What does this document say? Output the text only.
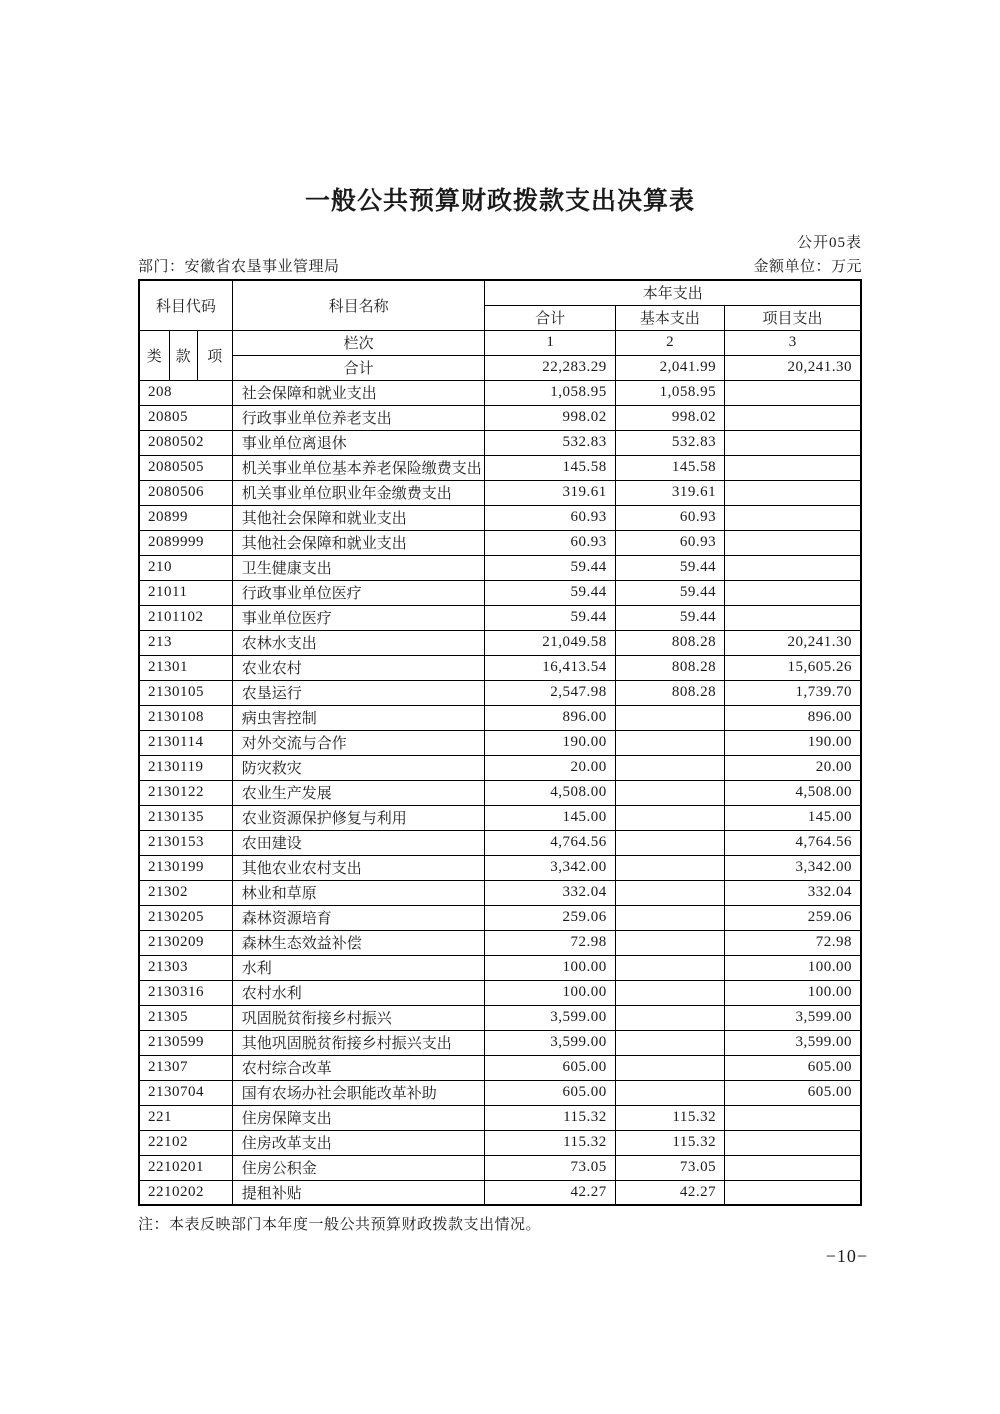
一般公共预算财政拨款支出决算表
公开05表
部门：安徽省农垦事业管理局	金额单位：万元
科目代码			科目名称	本年支出		
				合计	基本支出	项目支出
类	款	项	栏次	1	2	3
			合计	22,283.29	2,041.99	20,241.30
208			社会保障和就业支出	1,058.95	1,058.95	
20805			行政事业单位养老支出	998.02	998.02	
2080502			事业单位离退休	532.83	532.83	
2080505			机关事业单位基本养老保险缴费支出	145.58	145.58	
2080506			机关事业单位职业年金缴费支出	319.61	319.61	
20899			其他社会保障和就业支出	60.93	60.93	
2089999			其他社会保障和就业支出	60.93	60.93	
210			卫生健康支出	59.44	59.44	
21011			行政事业单位医疗	59.44	59.44	
2101102			事业单位医疗	59.44	59.44	
213			农林水支出	21,049.58	808.28	20,241.30
21301			农业农村	16,413.54	808.28	15,605.26
2130105			农垦运行	2,547.98	808.28	1,739.70
2130108			病虫害控制	896.00		896.00
2130114			对外交流与合作	190.00		190.00
2130119			防灾救灾	20.00		20.00
2130122			农业生产发展	4,508.00		4,508.00
2130135			农业资源保护修复与利用	145.00		145.00
2130153			农田建设	4,764.56		4,764.56
2130199			其他农业农村支出	3,342.00		3,342.00
21302			林业和草原	332.04		332.04
2130205			森林资源培育	259.06		259.06
2130209			森林生态效益补偿	72.98		72.98
21303			水利	100.00		100.00
2130316			农村水利	100.00		100.00
21305			巩固脱贫衔接乡村振兴	3,599.00		3,599.00
2130599			其他巩固脱贫衔接乡村振兴支出	3,599.00		3,599.00
21307			农村综合改革	605.00		605.00
2130704			国有农场办社会职能改革补助	605.00		605.00
221			住房保障支出	115.32	115.32	
22102			住房改革支出	115.32	115.32	
2210201			住房公积金	73.05	73.05	
2210202			提租补贴	42.27	42.27	
注：本表反映部门本年度一般公共预算财政拨款支出情况。
−10−
